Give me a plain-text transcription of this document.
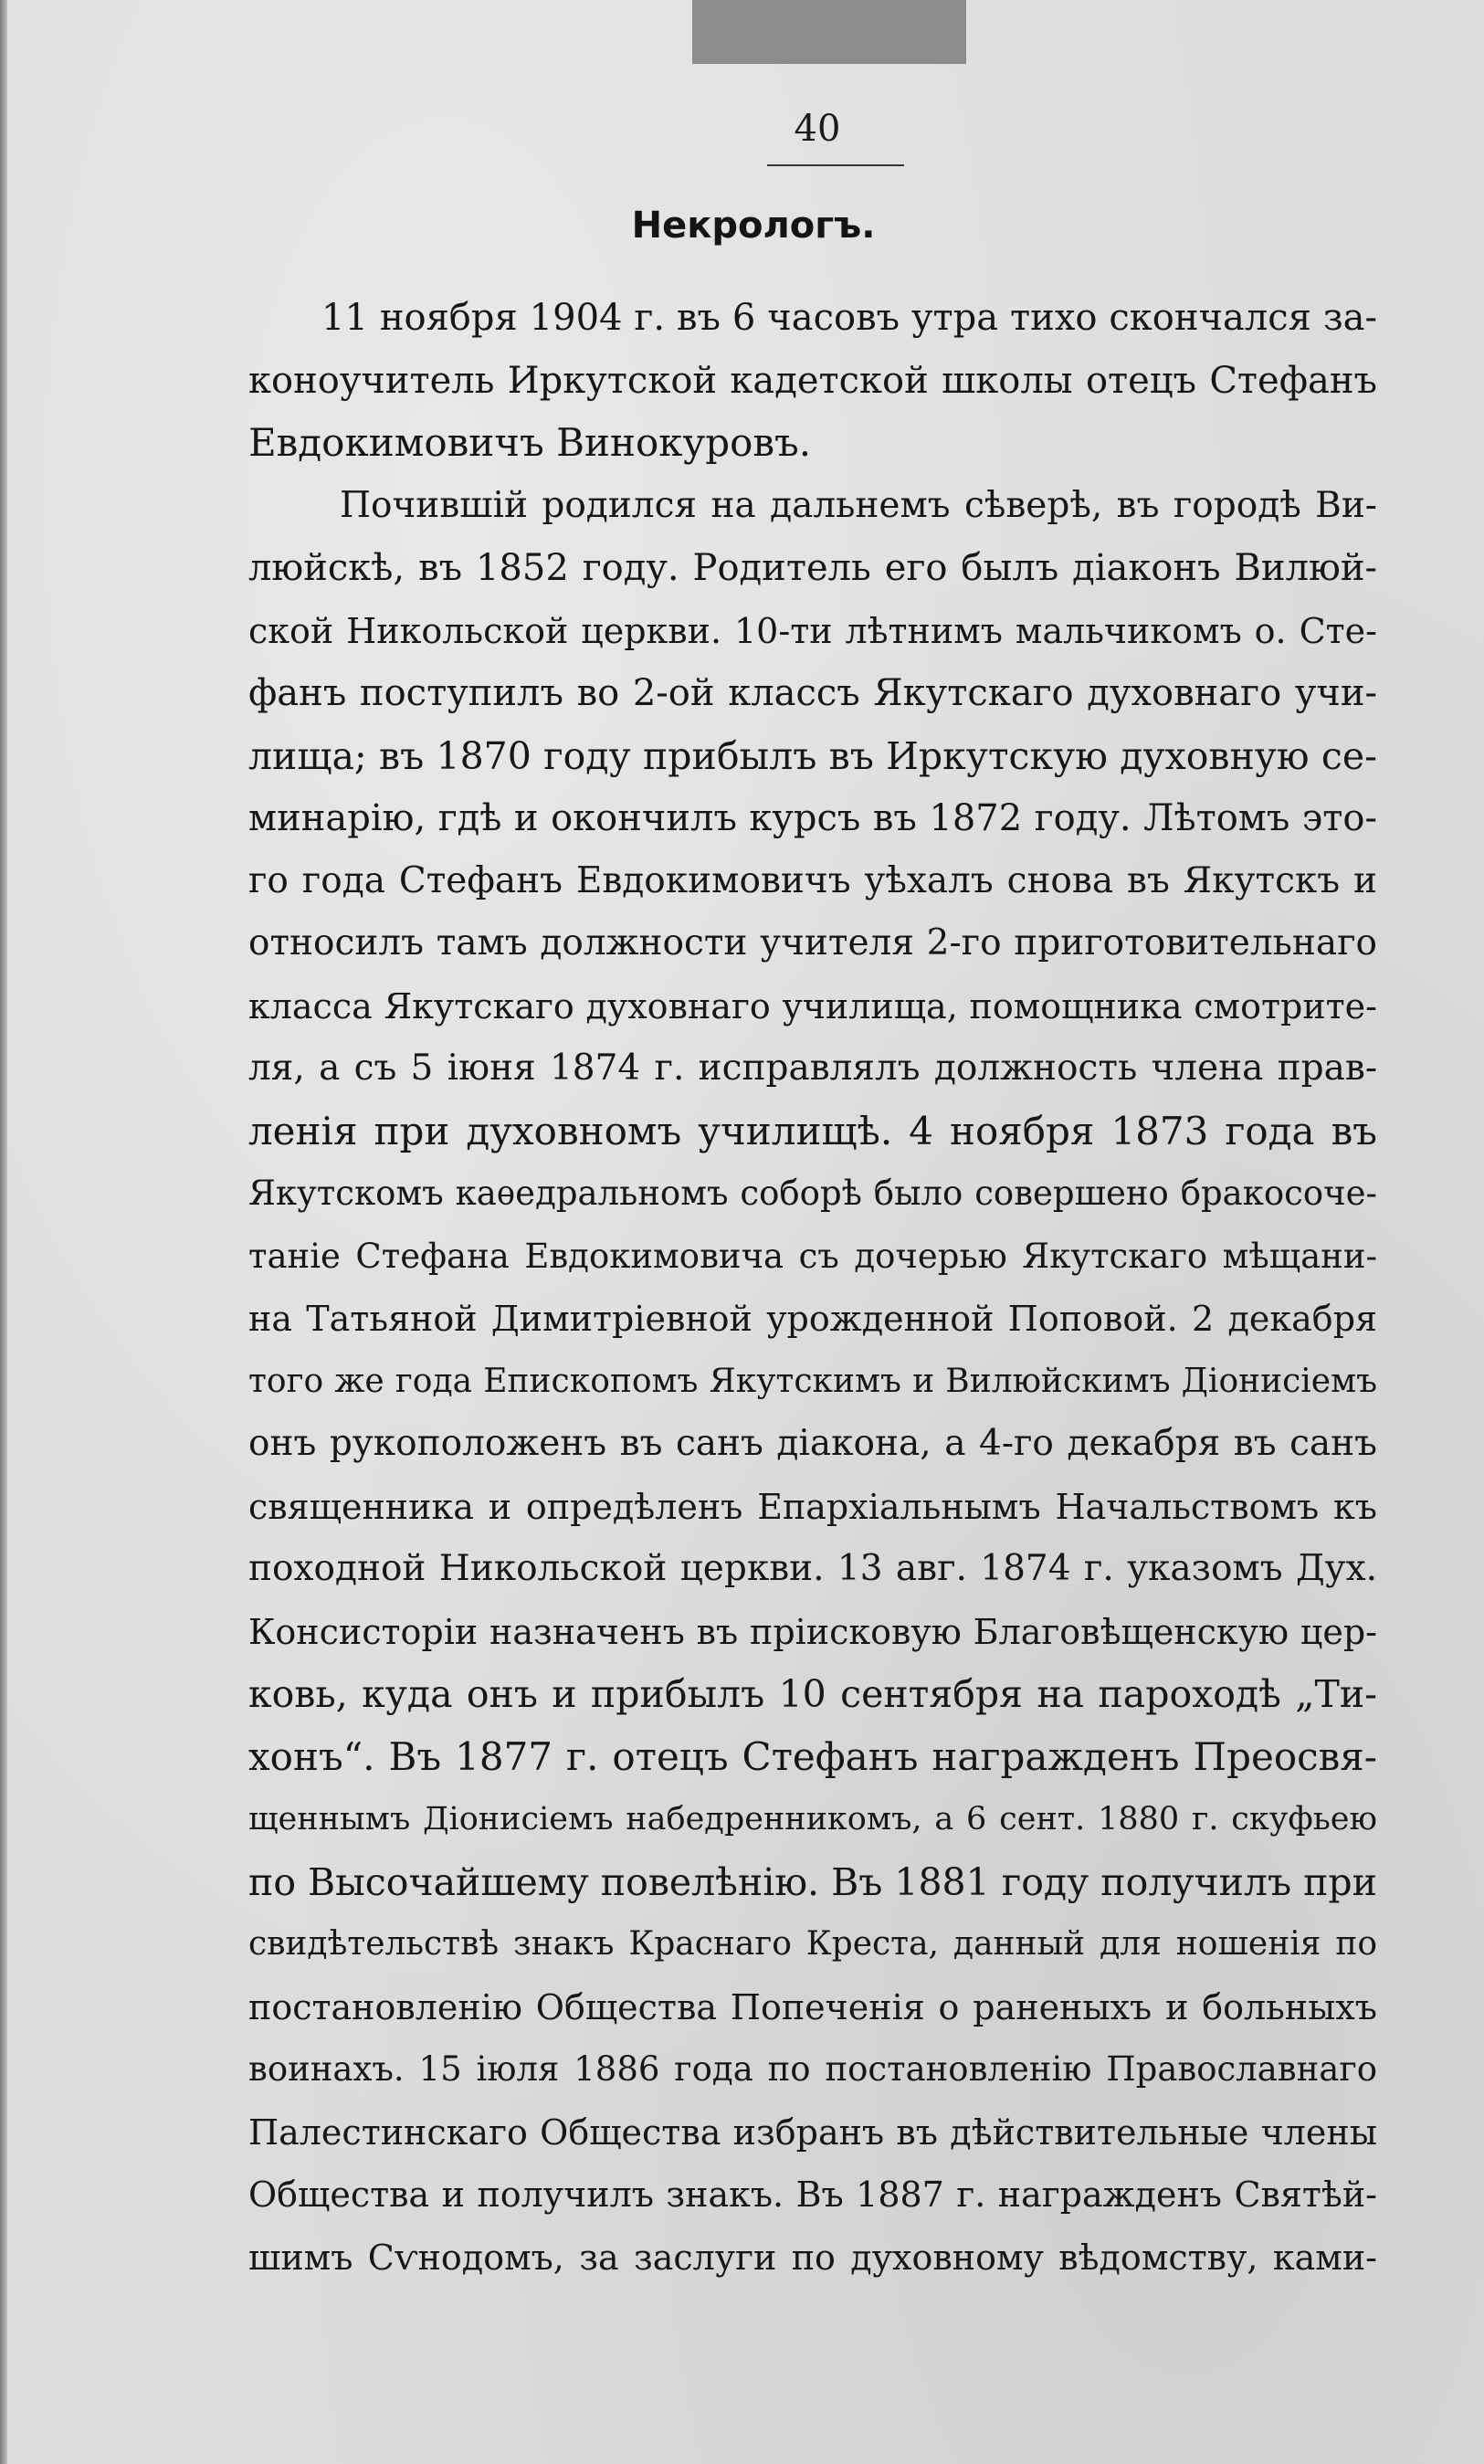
40
Некрологъ.
11 ноября 1904 г. въ 6 часовъ утра тихо скончался за-
коноучитель Иркутской кадетской школы отецъ Стефанъ
Евдокимовичъ Винокуровъ.
Почившій родился на дальнемъ сѣверѣ, въ городѣ Ви-
люйскѣ, въ 1852 году. Родитель его былъ діаконъ Вилюй-
ской Никольской церкви. 10-ти лѣтнимъ мальчикомъ о. Сте-
фанъ поступилъ во 2-ой классъ Якутскаго духовнаго учи-
лища; въ 1870 году прибылъ въ Иркутскую духовную се-
минарію, гдѣ и окончилъ курсъ въ 1872 году. Лѣтомъ это-
го года Стефанъ Евдокимовичъ уѣхалъ снова въ Якутскъ и
относилъ тамъ должности учителя 2-го приготовительнаго
класса Якутскаго духовнаго училища, помощника смотрите-
ля, а съ 5 іюня 1874 г. исправлялъ должность члена прав-
ленія при духовномъ училищѣ. 4 ноября 1873 года въ
Якутскомъ каѳедральномъ соборѣ было совершено бракосоче-
таніе Стефана Евдокимовича съ дочерью Якутскаго мѣщани-
на Татьяной Димитріевной урожденной Поповой. 2 декабря
того же года Епископомъ Якутскимъ и Вилюйскимъ Діонисіемъ
онъ рукоположенъ въ санъ діакона, а 4-го декабря въ санъ
священника и опредѣленъ Епархіальнымъ Начальствомъ къ
походной Никольской церкви. 13 авг. 1874 г. указомъ Дух.
Консисторіи назначенъ въ пріисковую Благовѣщенскую цер-
ковь, куда онъ и прибылъ 10 сентября на пароходѣ „Ти-
хонъ“. Въ 1877 г. отецъ Стефанъ награжденъ Преосвя-
щеннымъ Діонисіемъ набедренникомъ, а 6 сент. 1880 г. скуфьею
по Высочайшему повелѣнію. Въ 1881 году получилъ при
свидѣтельствѣ знакъ Краснаго Креста, данный для ношенія по
постановленію Общества Попеченія о раненыхъ и больныхъ
воинахъ. 15 іюля 1886 года по постановленію Православнаго
Палестинскаго Общества избранъ въ дѣйствительные члены
Общества и получилъ знакъ. Въ 1887 г. награжденъ Святѣй-
шимъ Сѵнодомъ, за заслуги по духовному вѣдомству, ками-
